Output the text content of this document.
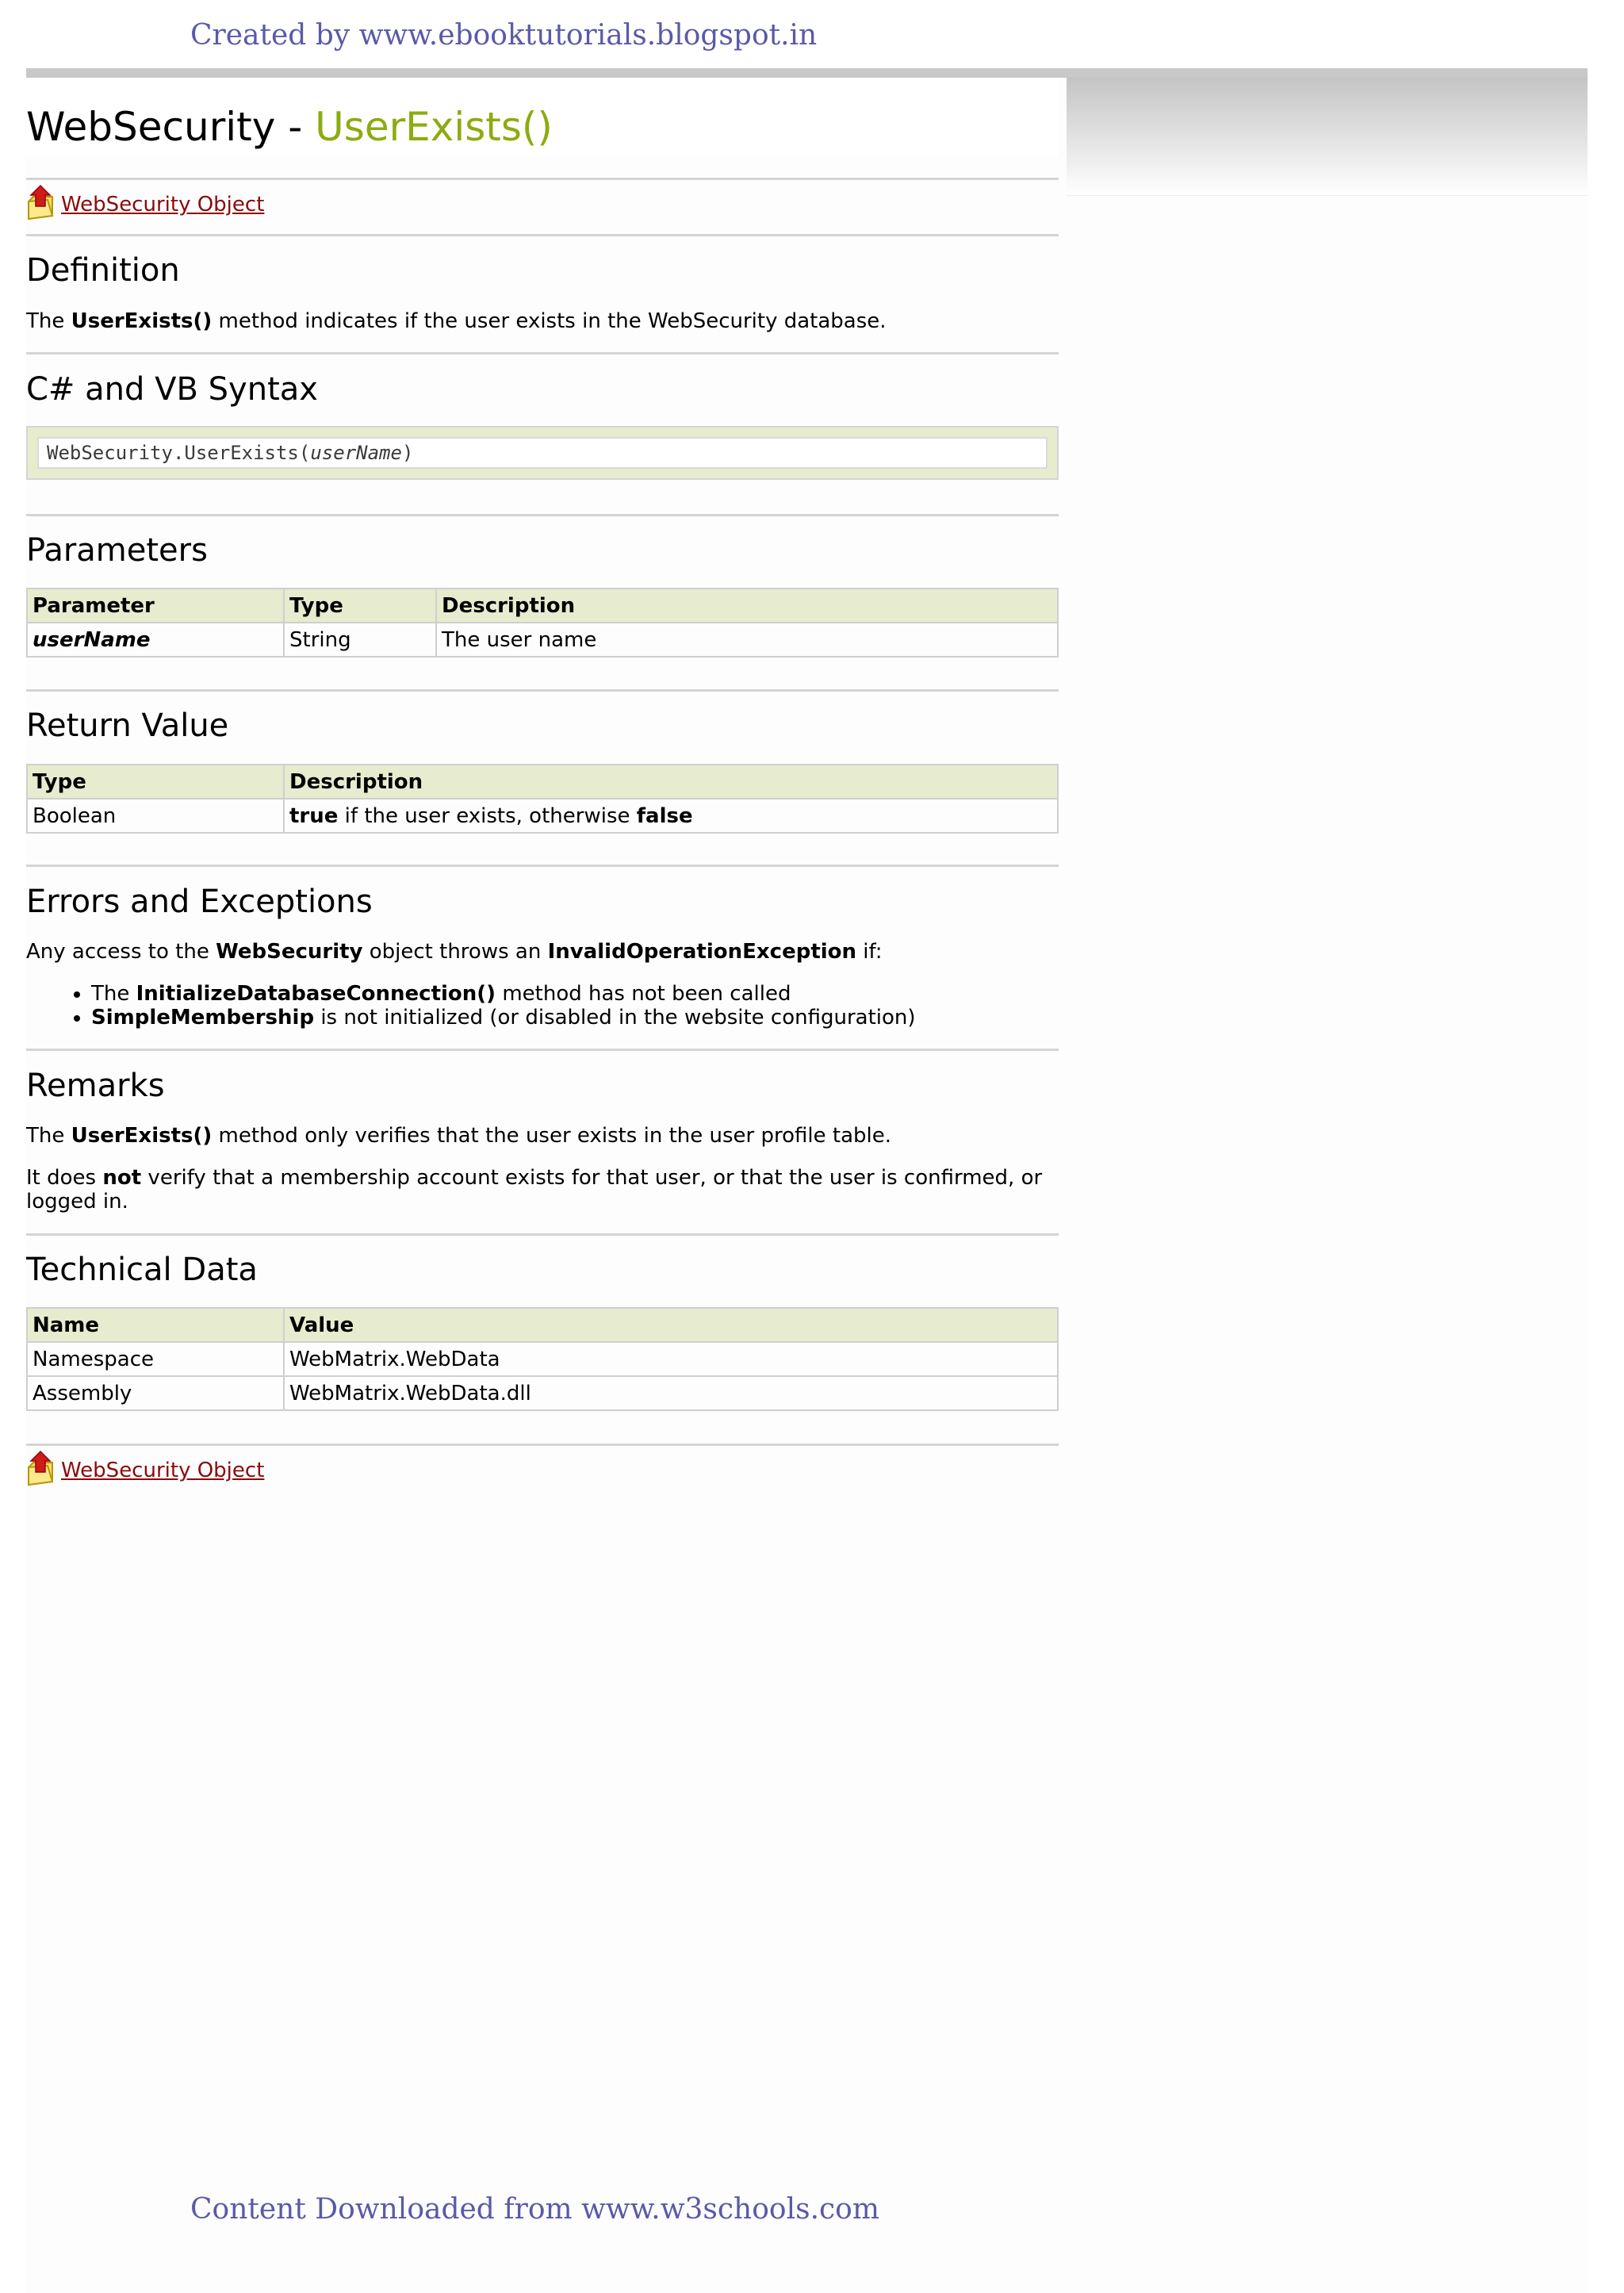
Created by www.ebooktutorials.blogspot.in
WebSecurity - UserExists()
WebSecurity Object
Definition
The UserExists() method indicates if the user exists in the WebSecurity database.
C# and VB Syntax
WebSecurity.UserExists(userName)
Parameters
Parameter	Type	Description
userName	String	The user name
Return Value
Type	Description
Boolean	true if the user exists, otherwise false
Errors and Exceptions
Any access to the WebSecurity object throws an InvalidOperationException if:
• The InitializeDatabaseConnection() method has not been called
• SimpleMembership is not initialized (or disabled in the website configuration)
Remarks
The UserExists() method only verifies that the user exists in the user profile table.
It does not verify that a membership account exists for that user, or that the user is confirmed, or
logged in.
Technical Data
Name	Value
Namespace	WebMatrix.WebData
Assembly	WebMatrix.WebData.dll
WebSecurity Object
Content Downloaded from www.w3schools.com
